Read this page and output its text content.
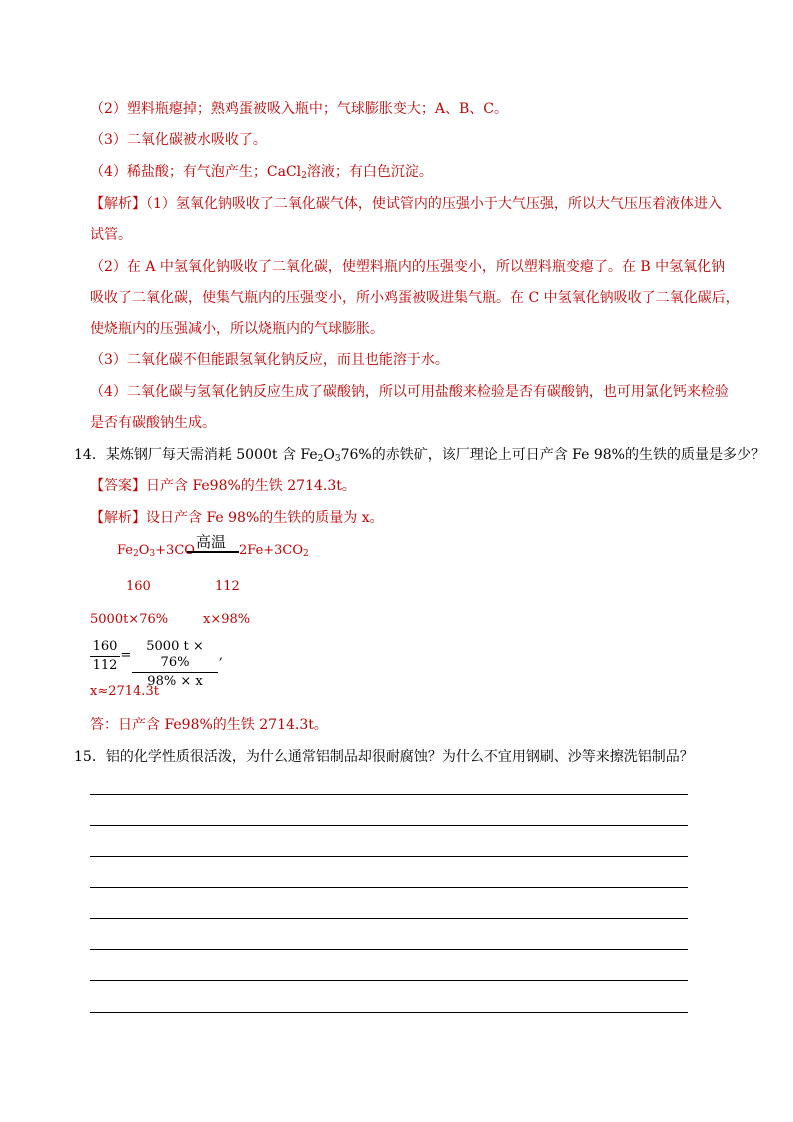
（2）塑料瓶瘪掉；熟鸡蛋被吸入瓶中；气球膨胀变大；A、B、C。
（3）二氧化碳被水吸收了。
（4）稀盐酸；有气泡产生；CaCl$_2$溶液；有白色沉淀。
【解析】（1）氢氧化钠吸收了二氧化碳气体，使试管内的压强小于大气压强，所以大气压压着液体进入
试管。
（2）在 A 中氢氧化钠吸收了二氧化碳，使塑料瓶内的压强变小，所以塑料瓶变瘪了。在 B 中氢氧化钠
吸收了二氧化碳，使集气瓶内的压强变小，所小鸡蛋被吸进集气瓶。在 C 中氢氧化钠吸收了二氧化碳后，
使烧瓶内的压强减小，所以烧瓶内的气球膨胀。
（3）二氧化碳不但能跟氢氧化钠反应，而且也能溶于水。
（4）二氧化碳与氢氧化钠反应生成了碳酸钠，所以可用盐酸来检验是否有碳酸钠，也可用氯化钙来检验
是否有碳酸钠生成。
14．某炼钢厂每天需消耗 5000t 含 $Fe_2O_376\%$的赤铁矿，该厂理论上可日产含 Fe 98%的生铁的质量是多少？
【答案】日产含 Fe98%的生铁 2714.3t。
【解析】设日产含 Fe 98%的生铁的质量为 x。
$Fe_2O_3+3CO$ 高温 $2Fe+3CO_2$
160	112
5000t×76%	x×98%
160
112
=
5000 t × 76%
98% × x
,
x≈2714.3t
答：日产含 Fe98%的生铁 2714.3t。
15．铝的化学性质很活泼，为什么通常铝制品却很耐腐蚀？为什么不宜用钢刷、沙等来擦洗铝制品？
